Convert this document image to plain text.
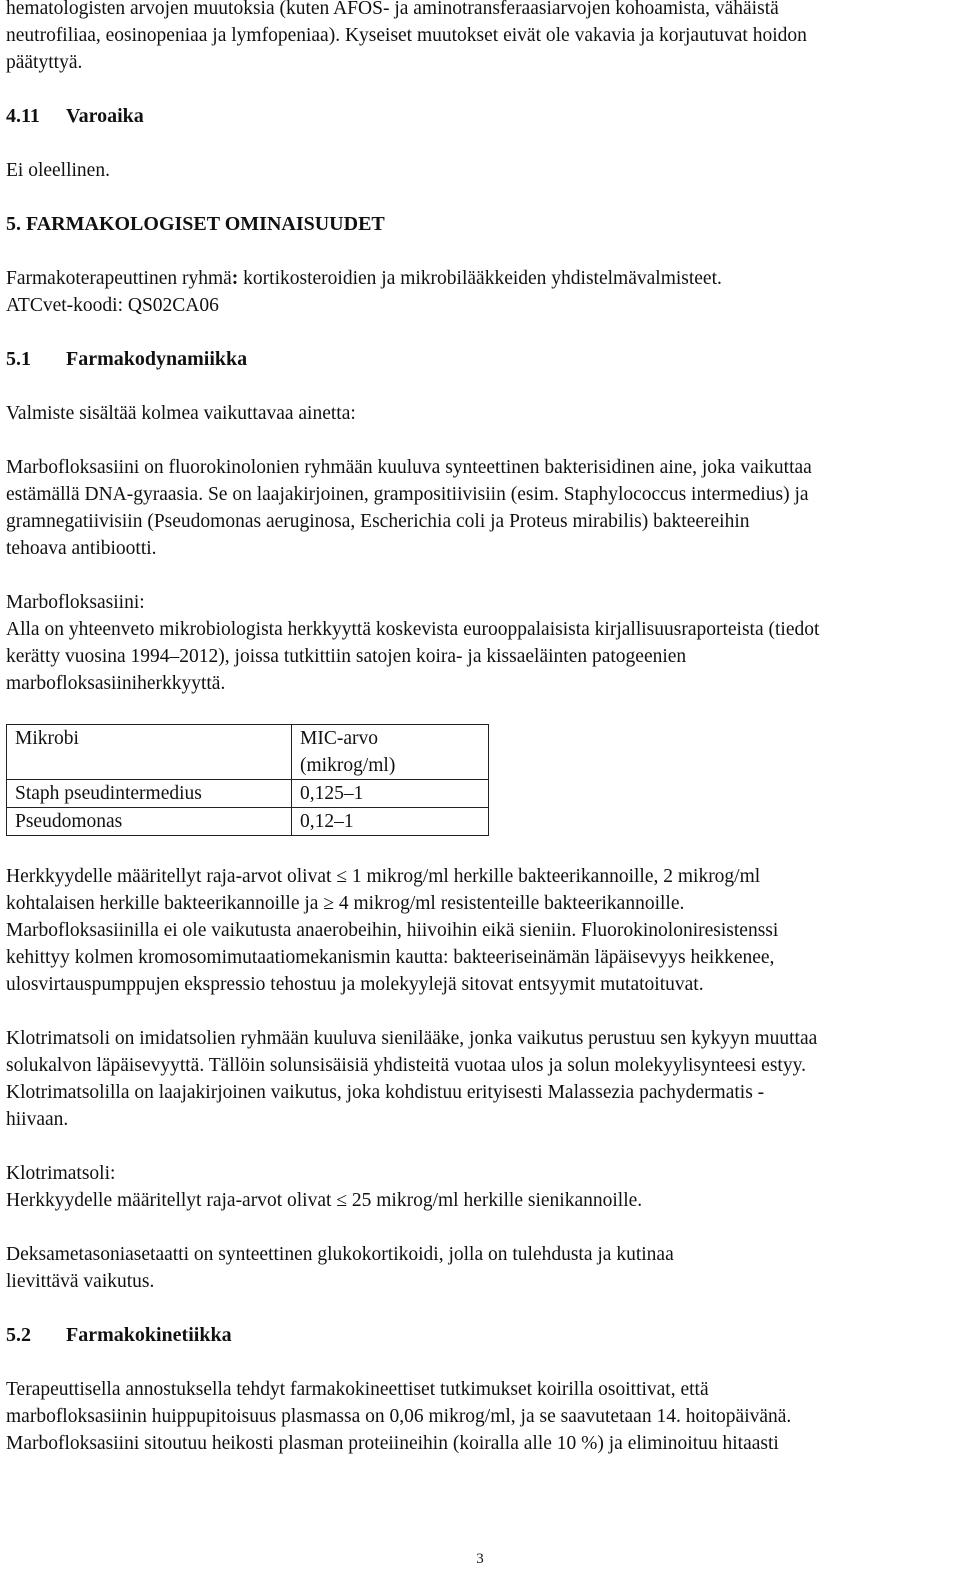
hematologisten arvojen muutoksia (kuten AFOS- ja aminotransferaasiarvojen kohoamista, vähäistä
neutrofiliaa, eosinopeniaa ja lymfopeniaa). Kyseiset muutokset eivät ole vakavia ja korjautuvat hoidon
päätyttyä.

4.11 Varoaika

Ei oleellinen.

5. FARMAKOLOGISET OMINAISUUDET

Farmakoterapeuttinen ryhmä: kortikosteroidien ja mikrobilääkkeiden yhdistelmävalmisteet.
ATCvet-koodi: QS02CA06

5.1 Farmakodynamiikka

Valmiste sisältää kolmea vaikuttavaa ainetta:

Marbofloksasiini on fluorokinolonien ryhmään kuuluva synteettinen bakterisidinen aine, joka vaikuttaa
estämällä DNA-gyraasia. Se on laajakirjoinen, grampositiivisiin (esim. Staphylococcus intermedius) ja
gramnegatiivisiin (Pseudomonas aeruginosa, Escherichia coli ja Proteus mirabilis) bakteereihin
tehoava antibiootti.

Marbofloksasiini:
Alla on yhteenveto mikrobiologista herkkyyttä koskevista eurooppalaisista kirjallisuusraporteista (tiedot
kerätty vuosina 1994–2012), joissa tutkittiin satojen koira- ja kissaeläinten patogeenien
marbofloksasiiniherkkyyttä.

Mikrobi	MIC-arvo
(mikrog/ml)
Staph pseudintermedius	0,125–1
Pseudomonas	0,12–1

Herkkyydelle määritellyt raja-arvot olivat ≤ 1 mikrog/ml herkille bakteerikannoille, 2 mikrog/ml
kohtalaisen herkille bakteerikannoille ja ≥ 4 mikrog/ml resistenteille bakteerikannoille.
Marbofloksasiinilla ei ole vaikutusta anaerobeihin, hiivoihin eikä sieniin. Fluorokinoloniresistenssi
kehittyy kolmen kromosomimutaatiomekanismin kautta: bakteeriseinämän läpäisevyys heikkenee,
ulosvirtauspumppujen ekspressio tehostuu ja molekyylejä sitovat entsyymit mutatoituvat.

Klotrimatsoli on imidatsolien ryhmään kuuluva sienilääke, jonka vaikutus perustuu sen kykyyn muuttaa
solukalvon läpäisevyyttä. Tällöin solunsisäisiä yhdisteitä vuotaa ulos ja solun molekyylisynteesi estyy.
Klotrimatsolilla on laajakirjoinen vaikutus, joka kohdistuu erityisesti Malassezia pachydermatis -
hiivaan.

Klotrimatsoli:
Herkkyydelle määritellyt raja-arvot olivat ≤ 25 mikrog/ml herkille sienikannoille.

Deksametasoniasetaatti on synteettinen glukokortikoidi, jolla on tulehdusta ja kutinaa
lievittävä vaikutus.

5.2 Farmakokinetiikka

Terapeuttisella annostuksella tehdyt farmakokineettiset tutkimukset koirilla osoittivat, että
marbofloksasiinin huippupitoisuus plasmassa on 0,06 mikrog/ml, ja se saavutetaan 14. hoitopäivänä.
Marbofloksasiini sitoutuu heikosti plasman proteiineihin (koiralla alle 10 %) ja eliminoituu hitaasti

3
